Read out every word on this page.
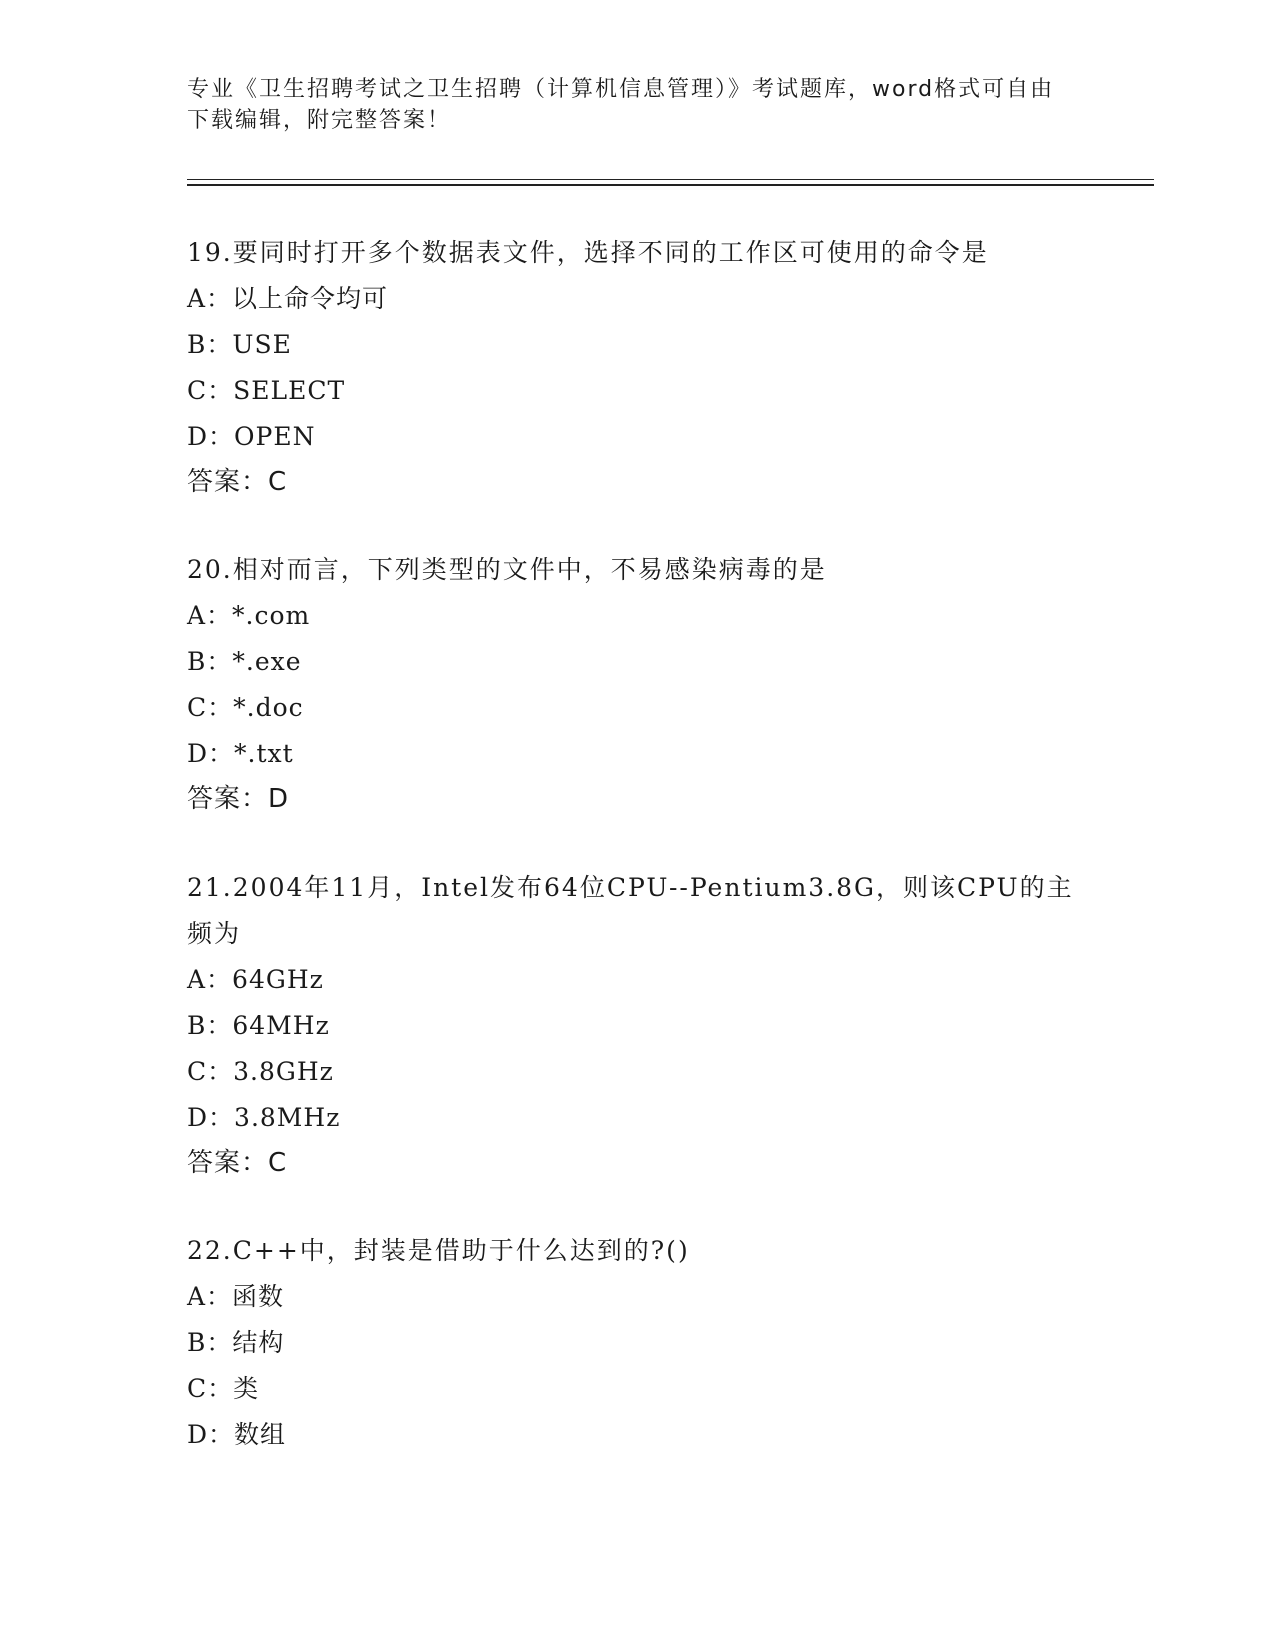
专业《卫生招聘考试之卫生招聘（计算机信息管理）》考试题库，word格式可自由下载编辑，附完整答案！

19.要同时打开多个数据表文件，选择不同的工作区可使用的命令是

A：以上命令均可

B：USE

C：SELECT

D：OPEN

答案：C

20.相对而言，下列类型的文件中，不易感染病毒的是

A：*.com

B：*.exe

C：*.doc

D：*.txt

答案：D

21.2004年11月，Intel发布64位CPU--Pentium3.8G，则该CPU的主频为

A：64GHz

B：64MHz

C：3.8GHz

D：3.8MHz

答案：C

22.C++中，封装是借助于什么达到的?()

A：函数

B：结构

C：类

D：数组
